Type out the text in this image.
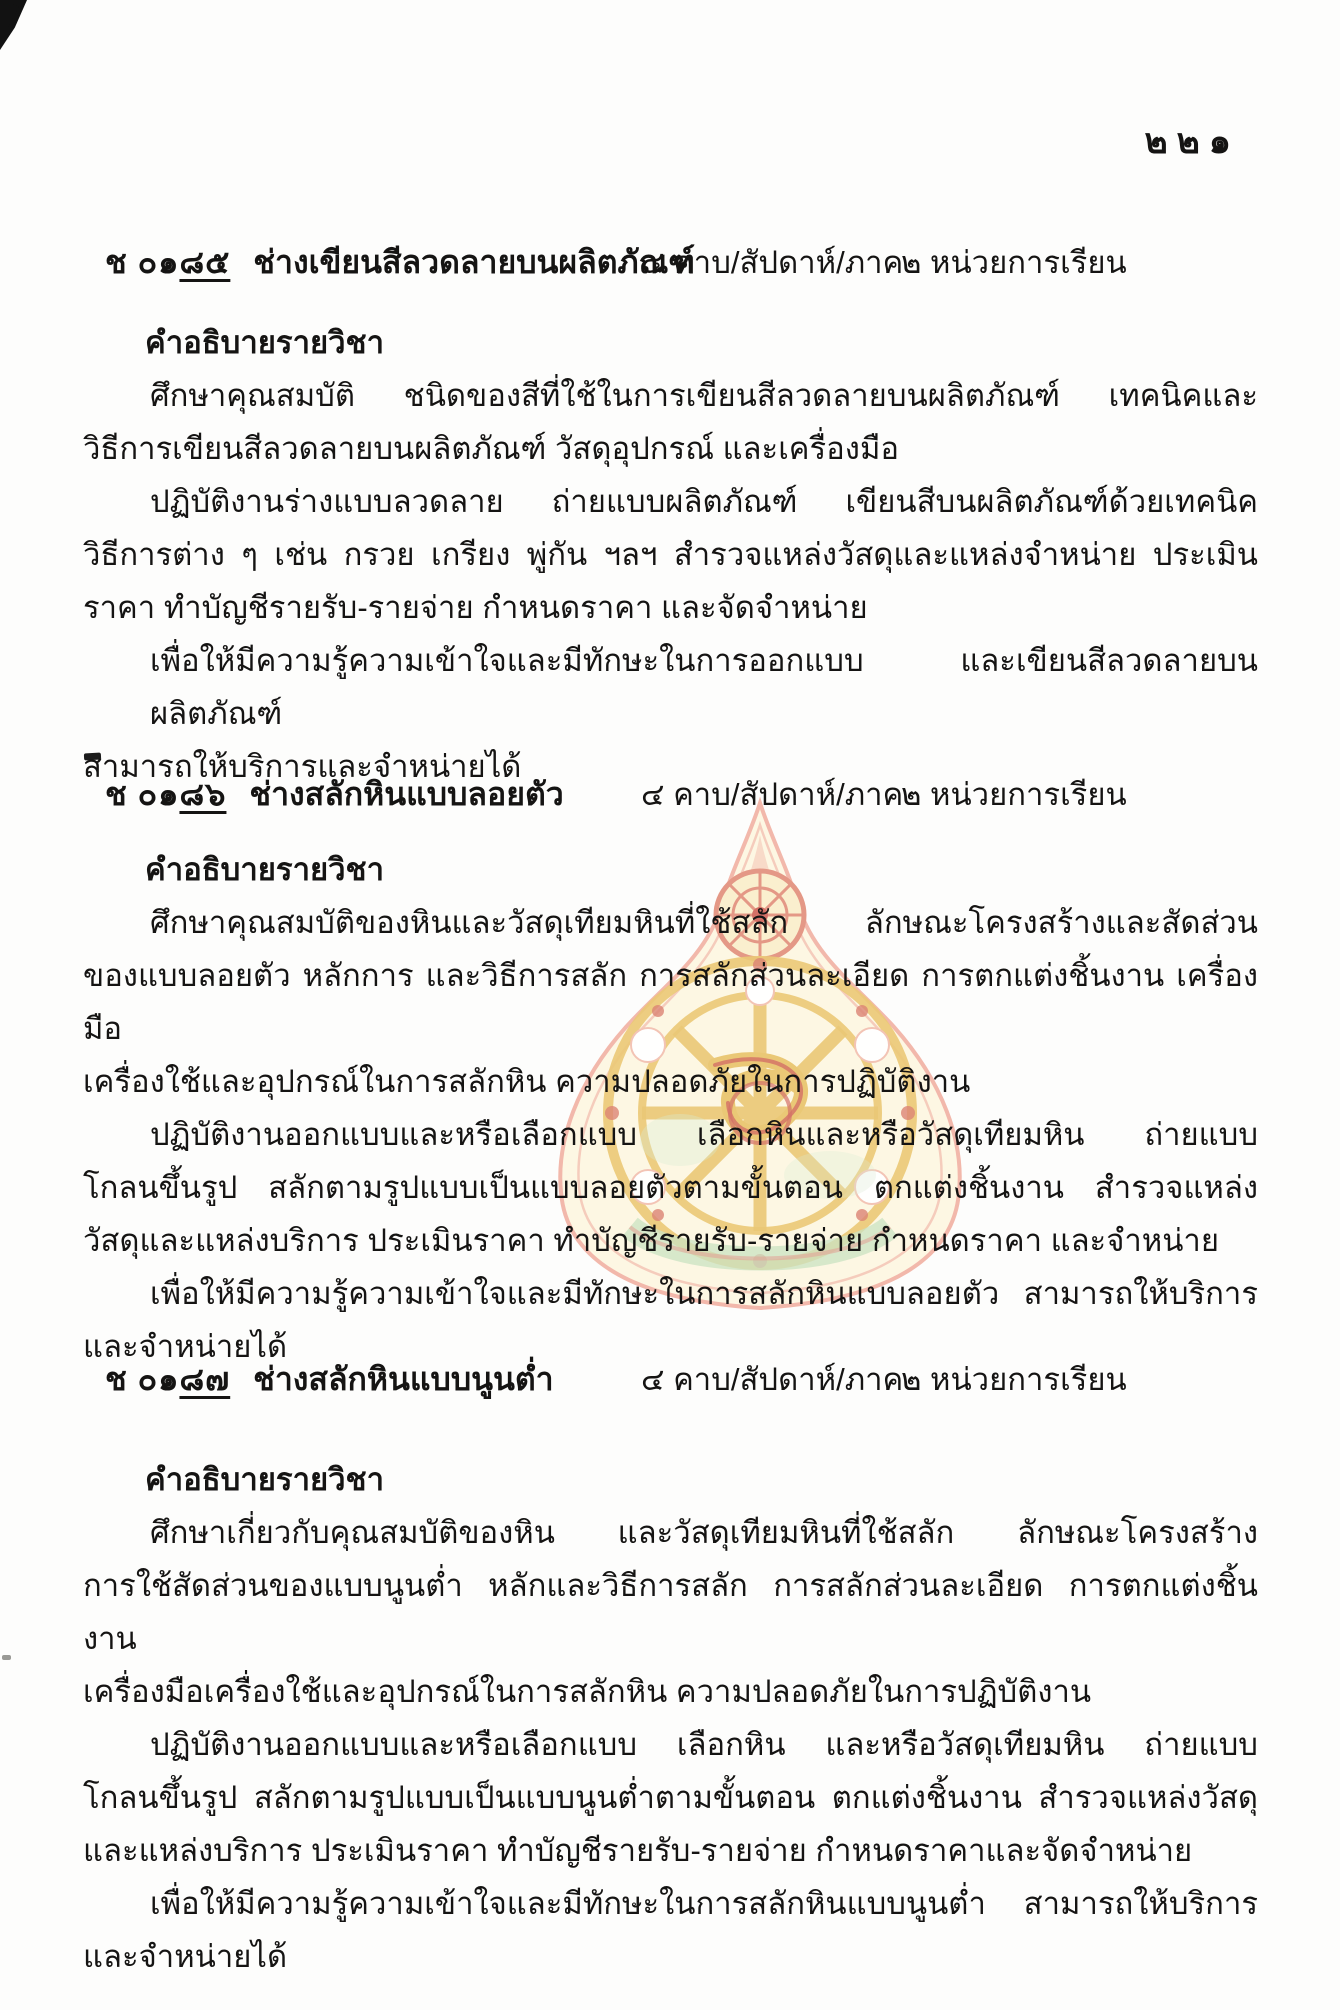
๒๒๑
ช ๐๑๘๕ ช่างเขียนสีลวดลายบนผลิตภัณฑ์
๔ คาบ/สัปดาห์/ภาค
๒ หน่วยการเรียน
คำอธิบายรายวิชา
ศึกษาคุณสมบัติ ชนิดของสีที่ใช้ในการเขียนสีลวดลายบนผลิตภัณฑ์ เทคนิคและ
วิธีการเขียนสีลวดลายบนผลิตภัณฑ์ วัสดุอุปกรณ์ และเครื่องมือ
ปฏิบัติงานร่างแบบลวดลาย ถ่ายแบบผลิตภัณฑ์ เขียนสีบนผลิตภัณฑ์ด้วยเทคนิค
วิธีการต่าง ๆ เช่น กรวย เกรียง พู่กัน ฯลฯ สำรวจแหล่งวัสดุและแหล่งจำหน่าย ประเมิน
ราคา ทำบัญชีรายรับ-รายจ่าย กำหนดราคา และจัดจำหน่าย
เพื่อให้มีความรู้ความเข้าใจและมีทักษะในการออกแบบ และเขียนสีลวดลายบนผลิตภัณฑ์
สามารถให้บริการและจำหน่ายได้
ช ๐๑๘๖ ช่างสลักหินแบบลอยตัว ๔ คาบ/สัปดาห์/ภาค
๒ หน่วยการเรียน
คำอธิบายรายวิชา
ศึกษาคุณสมบัติของหินและวัสดุเทียมหินที่ใช้สลัก ลักษณะโครงสร้างและสัดส่วน
ของแบบลอยตัว หลักการ และวิธีการสลัก การสลักส่วนละเอียด การตกแต่งชิ้นงาน เครื่องมือ
เครื่องใช้และอุปกรณ์ในการสลักหิน ความปลอดภัยในการปฏิบัติงาน
ปฏิบัติงานออกแบบและหรือเลือกแบบ เลือกหินและหรือวัสดุเทียมหิน ถ่ายแบบ
โกลนขึ้นรูป สลักตามรูปแบบเป็นแบบลอยตัวตามขั้นตอน ตกแต่งชิ้นงาน สำรวจแหล่ง
วัสดุและแหล่งบริการ ประเมินราคา ทำบัญชีรายรับ-รายจ่าย กำหนดราคา และจำหน่าย
เพื่อให้มีความรู้ความเข้าใจและมีทักษะในการสลักหินแบบลอยตัว สามารถให้บริการ
และจำหน่ายได้
ช ๐๑๘๗ ช่างสลักหินแบบนูนต่ำ	๔ คาบ/สัปดาห์/ภาค
๒ หน่วยการเรียน
คำอธิบายรายวิชา
ศึกษาเกี่ยวกับคุณสมบัติของหิน และวัสดุเทียมหินที่ใช้สลัก ลักษณะโครงสร้าง
การใช้สัดส่วนของแบบนูนต่ำ หลักและวิธีการสลัก การสลักส่วนละเอียด การตกแต่งชิ้นงาน
เครื่องมือเครื่องใช้และอุปกรณ์ในการสลักหิน ความปลอดภัยในการปฏิบัติงาน
ปฏิบัติงานออกแบบและหรือเลือกแบบ เลือกหิน และหรือวัสดุเทียมหิน ถ่ายแบบ
โกลนขึ้นรูป สลักตามรูปแบบเป็นแบบนูนต่ำตามขั้นตอน ตกแต่งชิ้นงาน สำรวจแหล่งวัสดุ
และแหล่งบริการ ประเมินราคา ทำบัญชีรายรับ-รายจ่าย กำหนดราคาและจัดจำหน่าย
เพื่อให้มีความรู้ความเข้าใจและมีทักษะในการสลักหินแบบนูนต่ำ สามารถให้บริการ
และจำหน่ายได้
